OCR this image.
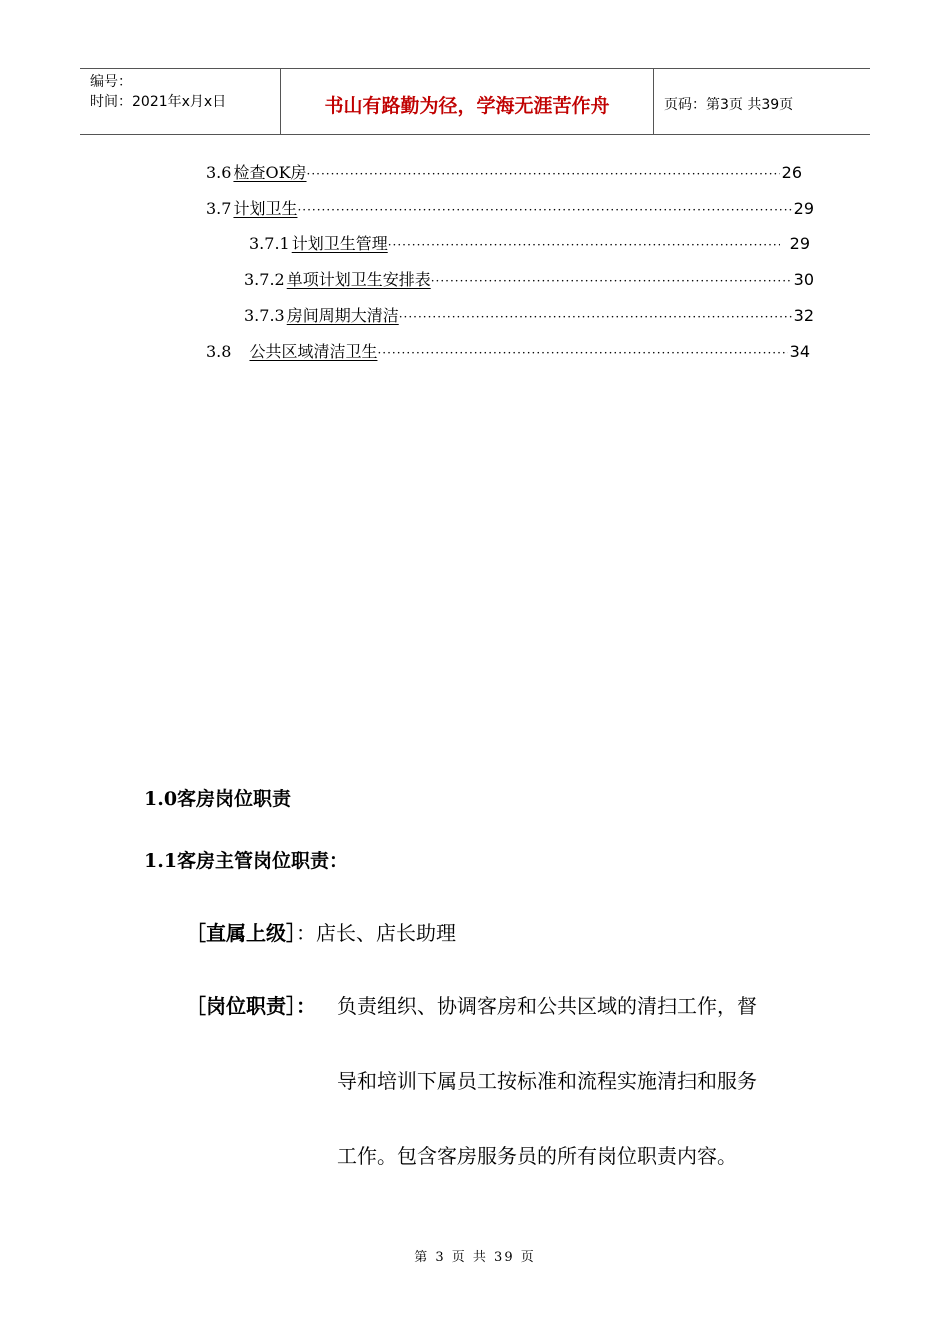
编号：
时间：2021年x月x日	书山有路勤为径，学海无涯苦作舟	页码：第3页 共39页
3.6 检查OK房 ·····	26
3.7 计划卫生 ·····	29
3.7.1 计划卫生管理 ·····	29
3.7.2 单项计划卫生安排表 ·····	30
3.7.3 房间周期大清洁 ·····	32
3.8 公共区域清洁卫生 ·····	34
1.0客房岗位职责
1.1客房主管岗位职责：
［直属上级］：店长、店长助理
［岗位职责］： 负责组织、协调客房和公共区域的清扫工作，督
导和培训下属员工按标准和流程实施清扫和服务
工作。包含客房服务员的所有岗位职责内容。
第 3 页 共 39 页
